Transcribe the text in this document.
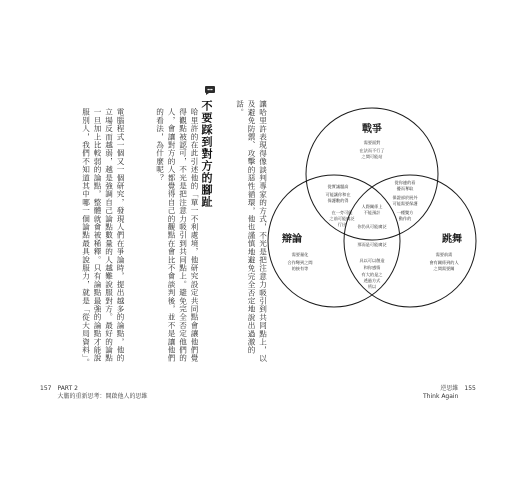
讓哈里許表現得像談判專家的方式，不光是把注意力吸引到共同點上，以及避免防禦、攻擊的惡性循環，他也謹慎地避免完全否定地說出過激的話。
不要踩到對方的腳趾
哈里許的在此引述他的「單一不利處境，他研究設定共同點會讓他們覺得觀點被認可，不光是把注意力吸引到共同點上。避免完全否定他們的人，會讓對方的人都覺得自己的觀點在會比不會談判後，並不是讓他們的看法，為什麼呢？
電腦程式一個又一個研究，發現人們在爭論時，提出越多的論點，他的立場反而越弱，越是強調自己論點數量的人越難說服對方。最好的論點一旦加上比較弱的論點，整體就會被稀釋。只有論點最強的論點才能說服別人，我們不知道其中哪一個論點最具說服力，就是「從大局資料」。
157 PART 2
大膽的重新思考：開啟他人的思維
戰爭
辯論	跳舞
需要面對
在法而不行了
之間可能站
從實議題高
可能讓你和在
保護數的得
從你連的看
優而奪取
保證部於展外
可能需要保護
一種雙方
動作的
人際關係上
不能預計
你仍具可能廣泛
在一旁可能
之前可能廣泛
行出
那而是可能廣泛
需要量化
合作彎到之間
的接有等
需要前需
會有關係到的人
之間需要關
具以可以創造
和你感情
有大的是之
透過方式
所以
逆思維
Think Again
155
